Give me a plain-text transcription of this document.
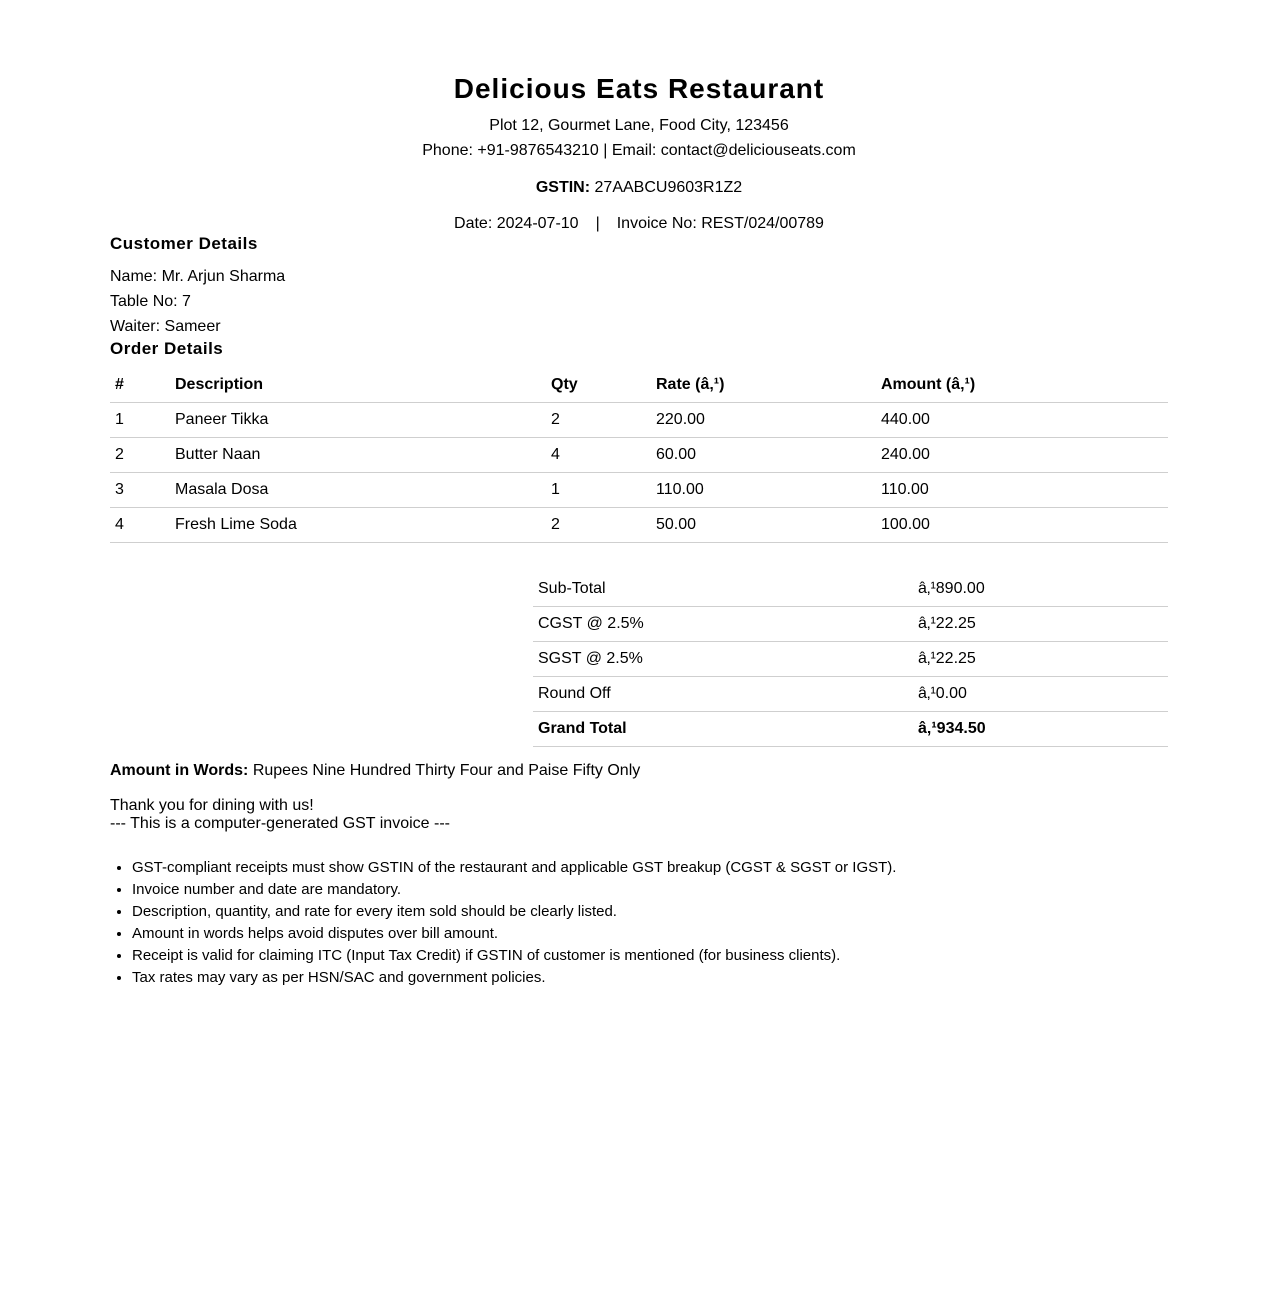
Delicious Eats Restaurant
Plot 12, Gourmet Lane, Food City, 123456
Phone: +91-9876543210 | Email: contact@deliciouseats.com
GSTIN: 27AABCU9603R1Z2
Date: 2024-07-10 | Invoice No: REST/024/00789
Customer Details
Name: Mr. Arjun Sharma
Table No: 7
Waiter: Sameer
Order Details
#	Description	Qty	Rate (â‚¹)	Amount (â‚¹)
1	Paneer Tikka	2	220.00	440.00
2	Butter Naan	4	60.00	240.00
3	Masala Dosa	1	110.00	110.00
4	Fresh Lime Soda	2	50.00	100.00
Sub-Total	â‚¹890.00
CGST @ 2.5%	â‚¹22.25
SGST @ 2.5%	â‚¹22.25
Round Off	â‚¹0.00
Grand Total	â‚¹934.50
Amount in Words: Rupees Nine Hundred Thirty Four and Paise Fifty Only
Thank you for dining with us!
--- This is a computer-generated GST invoice ---
• GST-compliant receipts must show GSTIN of the restaurant and applicable GST breakup (CGST & SGST or IGST).
• Invoice number and date are mandatory.
• Description, quantity, and rate for every item sold should be clearly listed.
• Amount in words helps avoid disputes over bill amount.
• Receipt is valid for claiming ITC (Input Tax Credit) if GSTIN of customer is mentioned (for business clients).
• Tax rates may vary as per HSN/SAC and government policies.
